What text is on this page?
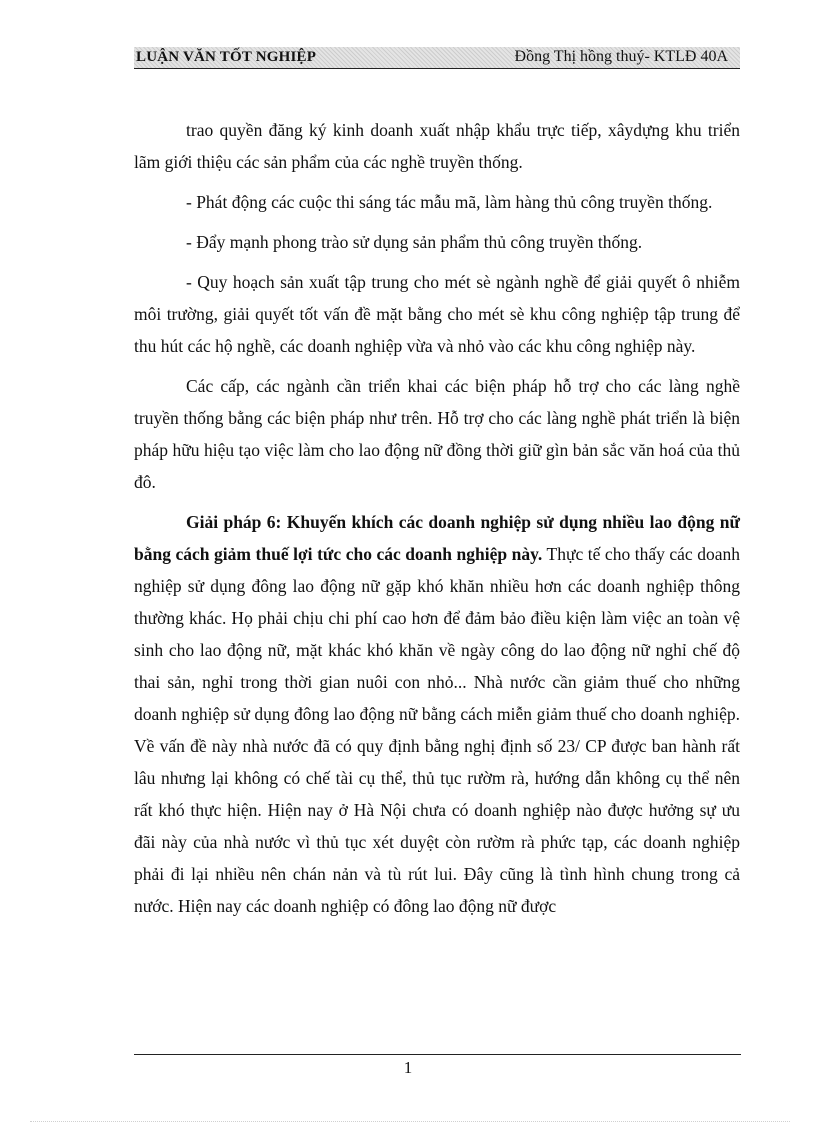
LUẬN VĂN TỐT NGHIỆP	Đồng Thị hồng thuý- KTLĐ 40A

trao quyền đăng ký kinh doanh xuất nhập khẩu trực tiếp, xâydựng khu triển lãm giới thiệu các sản phẩm của các nghề truyền thống.

- Phát động các cuộc thi sáng tác mẫu mã, làm hàng thủ công truyền thống.

- Đẩy mạnh phong trào sử dụng sản phẩm thủ công truyền thống.

- Quy hoạch sản xuất tập trung cho mét sè ngành nghề để giải quyết ô nhiễm môi trường, giải quyết tốt vấn đề mặt bằng cho mét sè khu công nghiệp tập trung để thu hút các hộ nghề, các doanh nghiệp vừa và nhỏ vào các khu công nghiệp này.

Các cấp, các ngành cần triển khai các biện pháp hỗ trợ cho các làng nghề truyền thống bằng các biện pháp như trên. Hỗ trợ cho các làng nghề phát triển là biện pháp hữu hiệu tạo việc làm cho lao động nữ đồng thời giữ gìn bản sắc văn hoá của thủ đô.

Giải pháp 6: Khuyến khích các doanh nghiệp sử dụng nhiều lao động nữ bằng cách giảm thuế lợi tức cho các doanh nghiệp này. Thực tế cho thấy các doanh nghiệp sử dụng đông lao động nữ gặp khó khăn nhiều hơn các doanh nghiệp thông thường khác. Họ phải chịu chi phí cao hơn để đảm bảo điều kiện làm việc an toàn vệ sinh cho lao động nữ, mặt khác khó khăn về ngày công do lao động nữ nghỉ chế độ thai sản, nghỉ trong thời gian nuôi con nhỏ... Nhà nước cần giảm thuế cho những doanh nghiệp sử dụng đông lao động nữ bằng cách miễn giảm thuế cho doanh nghiệp. Về vấn đề này nhà nước đã có quy định bằng nghị định số 23/ CP được ban hành rất lâu nhưng lại không có chế tài cụ thể, thủ tục rườm rà, hướng dẫn không cụ thể nên rất khó thực hiện. Hiện nay ở Hà Nội chưa có doanh nghiệp nào được hưởng sự ưu đãi này của nhà nước vì thủ tục xét duyệt còn rườm rà phức tạp, các doanh nghiệp phải đi lại nhiều nên chán nản và tù rút lui. Đây cũng là tình hình chung trong cả nước. Hiện nay các doanh nghiệp có đông lao động nữ được

1
